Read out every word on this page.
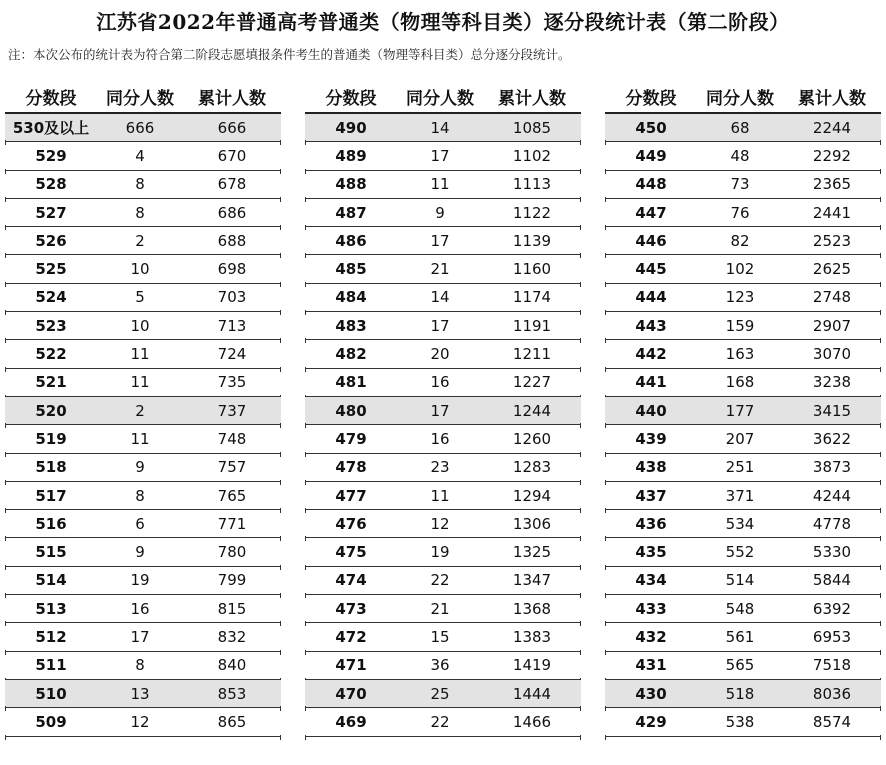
江苏省2022年普通高考普通类（物理等科目类）逐分段统计表（第二阶段）
注：本次公布的统计表为符合第二阶段志愿填报条件考生的普通类（物理等科目类）总分逐分段统计。
分数段	同分人数	累计人数
530及以上	666	666
529	4	670
528	8	678
527	8	686
526	2	688
525	10	698
524	5	703
523	10	713
522	11	724
521	11	735
520	2	737
519	11	748
518	9	757
517	8	765
516	6	771
515	9	780
514	19	799
513	16	815
512	17	832
511	8	840
510	13	853
509	12	865
分数段	同分人数	累计人数
490	14	1085
489	17	1102
488	11	1113
487	9	1122
486	17	1139
485	21	1160
484	14	1174
483	17	1191
482	20	1211
481	16	1227
480	17	1244
479	16	1260
478	23	1283
477	11	1294
476	12	1306
475	19	1325
474	22	1347
473	21	1368
472	15	1383
471	36	1419
470	25	1444
469	22	1466
分数段	同分人数	累计人数
450	68	2244
449	48	2292
448	73	2365
447	76	2441
446	82	2523
445	102	2625
444	123	2748
443	159	2907
442	163	3070
441	168	3238
440	177	3415
439	207	3622
438	251	3873
437	371	4244
436	534	4778
435	552	5330
434	514	5844
433	548	6392
432	561	6953
431	565	7518
430	518	8036
429	538	8574
